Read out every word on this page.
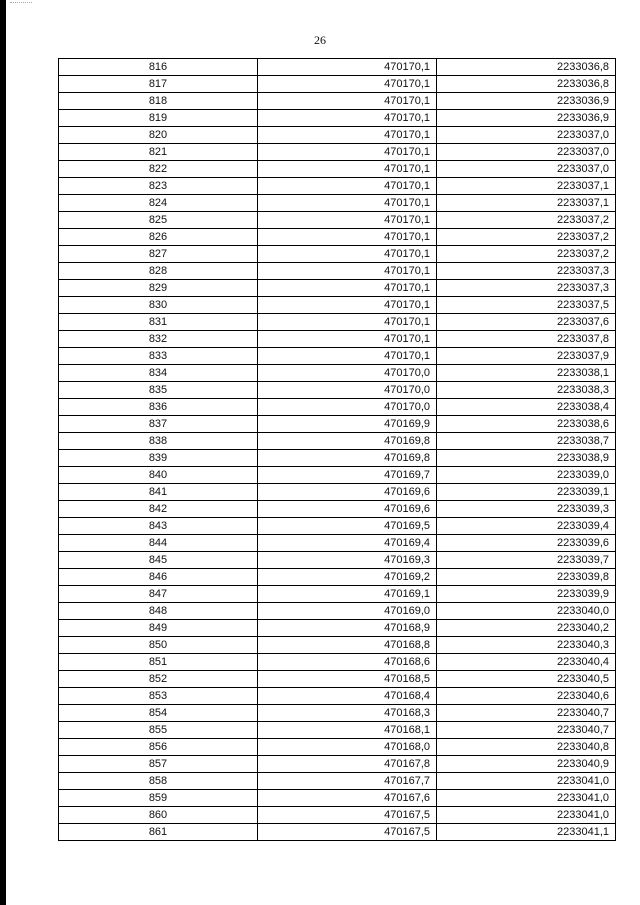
26
816	470170,1	2233036,8
817	470170,1	2233036,8
818	470170,1	2233036,9
819	470170,1	2233036,9
820	470170,1	2233037,0
821	470170,1	2233037,0
822	470170,1	2233037,0
823	470170,1	2233037,1
824	470170,1	2233037,1
825	470170,1	2233037,2
826	470170,1	2233037,2
827	470170,1	2233037,2
828	470170,1	2233037,3
829	470170,1	2233037,3
830	470170,1	2233037,5
831	470170,1	2233037,6
832	470170,1	2233037,8
833	470170,1	2233037,9
834	470170,0	2233038,1
835	470170,0	2233038,3
836	470170,0	2233038,4
837	470169,9	2233038,6
838	470169,8	2233038,7
839	470169,8	2233038,9
840	470169,7	2233039,0
841	470169,6	2233039,1
842	470169,6	2233039,3
843	470169,5	2233039,4
844	470169,4	2233039,6
845	470169,3	2233039,7
846	470169,2	2233039,8
847	470169,1	2233039,9
848	470169,0	2233040,0
849	470168,9	2233040,2
850	470168,8	2233040,3
851	470168,6	2233040,4
852	470168,5	2233040,5
853	470168,4	2233040,6
854	470168,3	2233040,7
855	470168,1	2233040,7
856	470168,0	2233040,8
857	470167,8	2233040,9
858	470167,7	2233041,0
859	470167,6	2233041,0
860	470167,5	2233041,0
861	470167,5	2233041,1
